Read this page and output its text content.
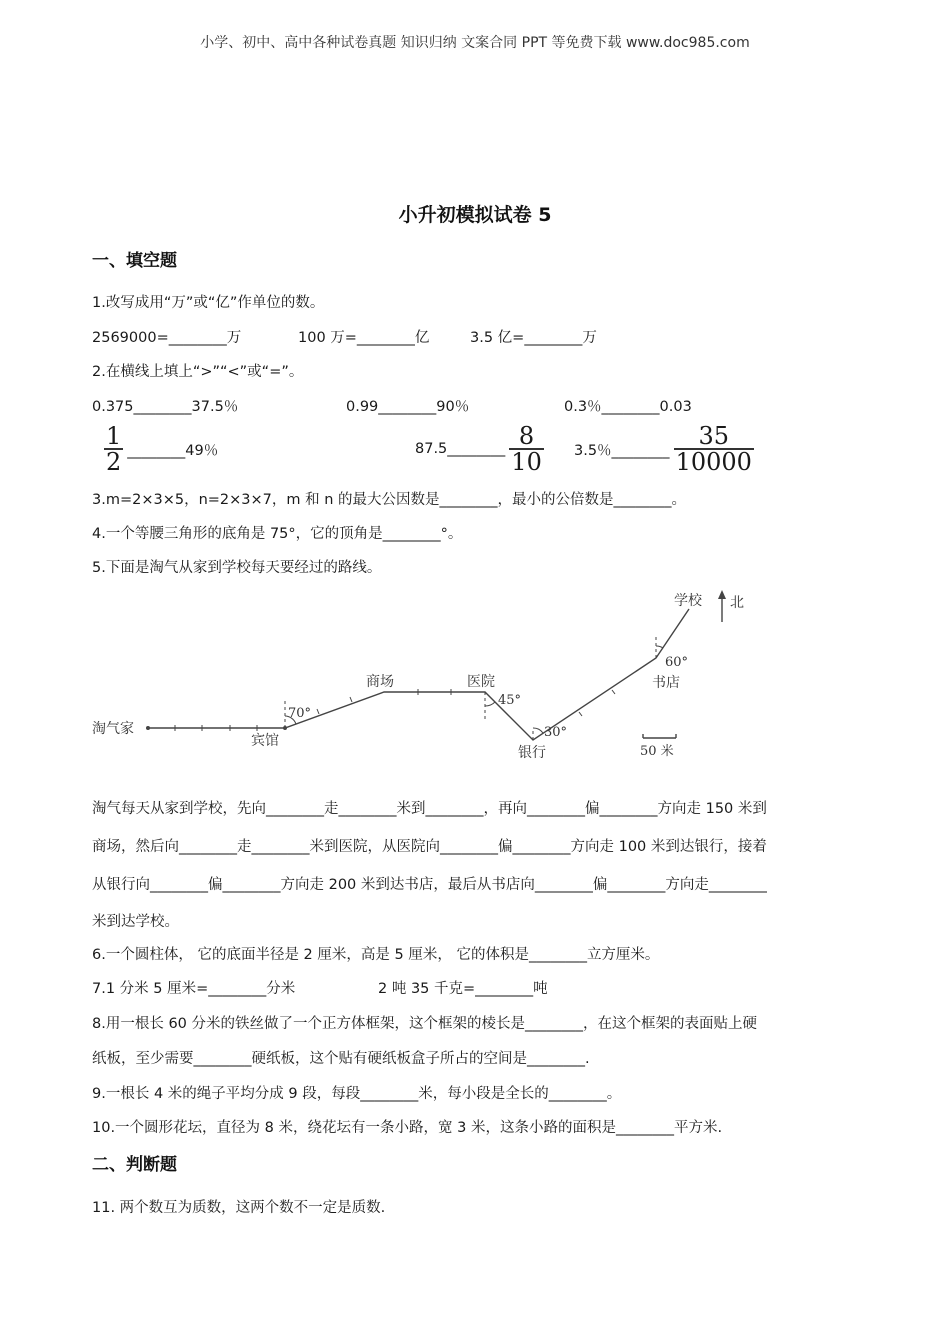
小学、初中、高中各种试卷真题 知识归纳 文案合同 PPT 等免费下载 www.doc985.com
小升初模拟试卷 5
一、填空题
1.改写成用“万”或“亿”作单位的数。
2569000=________万	100 万=________亿	3.5 亿=________万
2.在横线上填上“>”“<”或“=”。
0.375________37.5％	0.99________90％	0.3％________0.03
$\frac{1}{2}$ ________49％	87.5________ $\frac{8}{10} 3.5$％________ $\frac{35}{10000}$
3.m=2×3×5，n=2×3×7，m 和 n 的最大公因数是________，最小的公倍数是________。
4.一个等腰三角形的底角是 75°，它的顶角是________°。
5.下面是淘气从家到学校每天要经过的路线。
淘气家
宾馆
商场	医院
银行
书店
学校 北
70°
45°
30°
60°
50 米
淘气每天从家到学校，先向________走________米到________，再向________偏________方向走 150 米到
商场，然后向________走________米到医院，从医院向________偏________方向走 100 米到达银行，接着
从银行向________偏________方向走 200 米到达书店，最后从书店向________偏________方向走________
米到达学校。
6.一个圆柱体， 它的底面半径是 2 厘米，高是 5 厘米， 它的体积是________立方厘米。
7.1 分米 5 厘米=________分米	2 吨 35 千克=________吨
8.用一根长 60 分米的铁丝做了一个正方体框架，这个框架的棱长是________，在这个框架的表面贴上硬
纸板，至少需要________硬纸板，这个贴有硬纸板盒子所占的空间是________.
9.一根长 4 米的绳子平均分成 9 段，每段________米，每小段是全长的________。
10.一个圆形花坛，直径为 8 米，绕花坛有一条小路，宽 3 米，这条小路的面积是________平方米.
二、判断题
11. 两个数互为质数，这两个数不一定是质数.
